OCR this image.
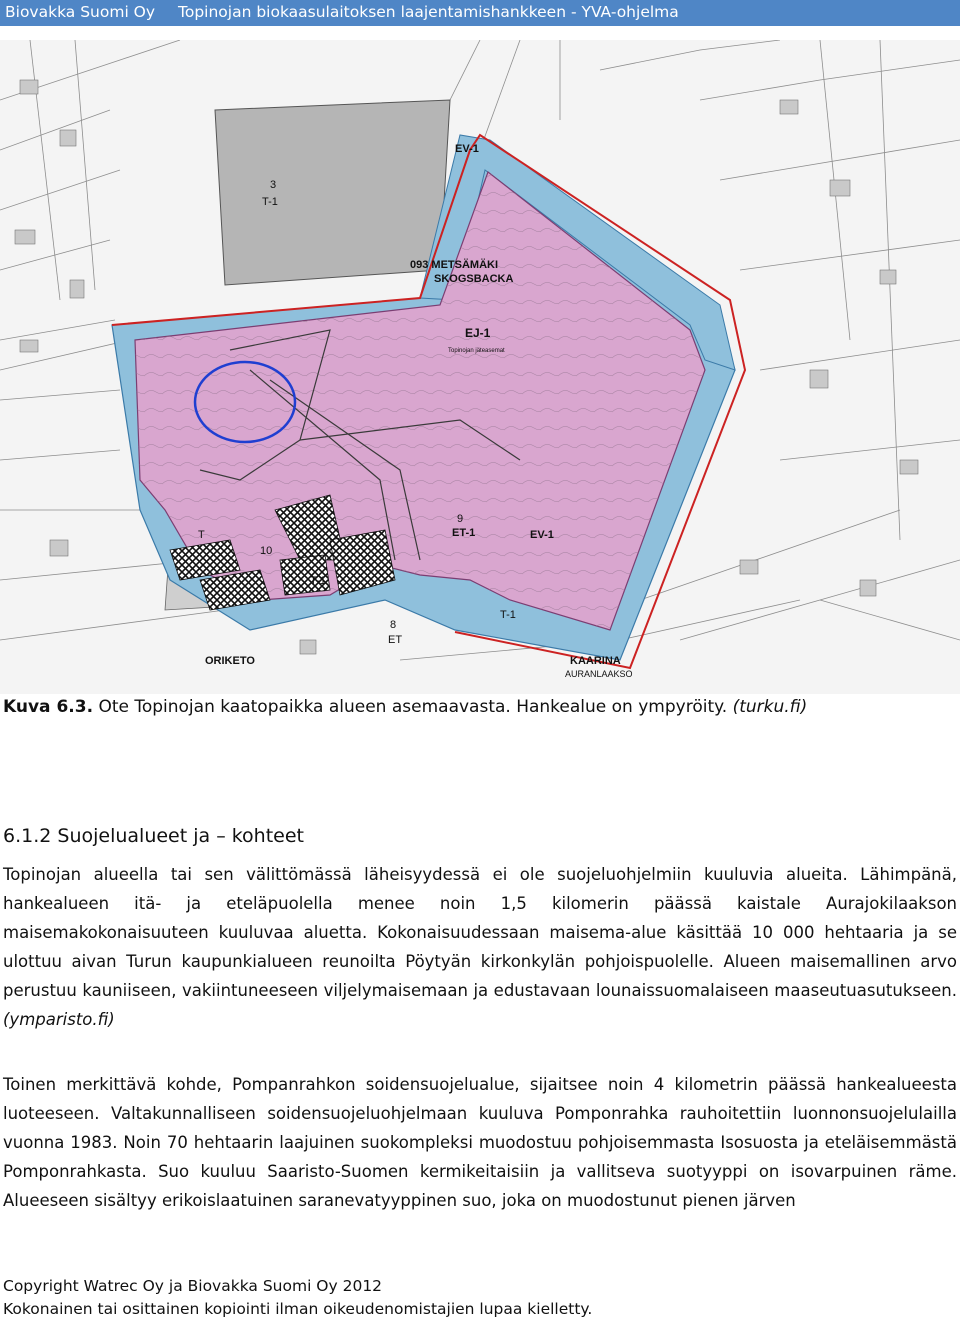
Biovakka Suomi Oy Topinojan biokaasulaitoksen laajentamishankkeen - YVA-ohjelma
EV-1
3
T-1
093 METSÄMÄKI
SKOGSBACKA
EJ-1
Topinojan jäteasemat
9
ET-1	EV-1
T
10
T-1
T-1
8
ET
ORIKETO	KAARINA
AURANLAAKSO
Kuva 6.3. Ote Topinojan kaatopaikka alueen asemaavasta. Hankealue on ympyröity. (turku.fi)
6.1.2 Suojelualueet ja – kohteet

Topinojan alueella tai sen välittömässä läheisyydessä ei ole suojeluohjelmiin kuuluvia alueita. Lähimpänä, hankealueen itä- ja eteläpuolella menee noin 1,5 kilomerin päässä kaistale Aurajokilaakson maisemakokonaisuuteen kuuluvaa aluetta. Kokonaisuudessaan maisema-alue käsittää 10 000 hehtaaria ja se ulottuu aivan Turun kaupunkialueen reunoilta Pöytyän kirkonkylän pohjoispuolelle. Alueen maisemallinen arvo perustuu kauniiseen, vakiintuneeseen viljelymaisemaan ja edustavaan lounaissuomalaiseen maaseutuasutukseen. (ymparisto.fi)

Toinen merkittävä kohde, Pompanrahkon soidensuojelualue, sijaitsee noin 4 kilometrin päässä hankealueesta luoteeseen. Valtakunnalliseen soidensuojeluohjelmaan kuuluva Pomponrahka rauhoitettiin luonnonsuojelulailla vuonna 1983. Noin 70 hehtaarin laajuinen suokompleksi muodostuu pohjoisemmasta Isosuosta ja eteläisemmästä Pomponrahkasta. Suo kuuluu Saaristo-Suomen kermikeitaisiin ja vallitseva suotyyppi on isovarpuinen räme. Alueeseen sisältyy erikoislaatuinen saranevatyyppinen suo, joka on muodostunut pienen järven

Copyright Watrec Oy ja Biovakka Suomi Oy 2012
Kokonainen tai osittainen kopiointi ilman oikeudenomistajien lupaa kielletty.
